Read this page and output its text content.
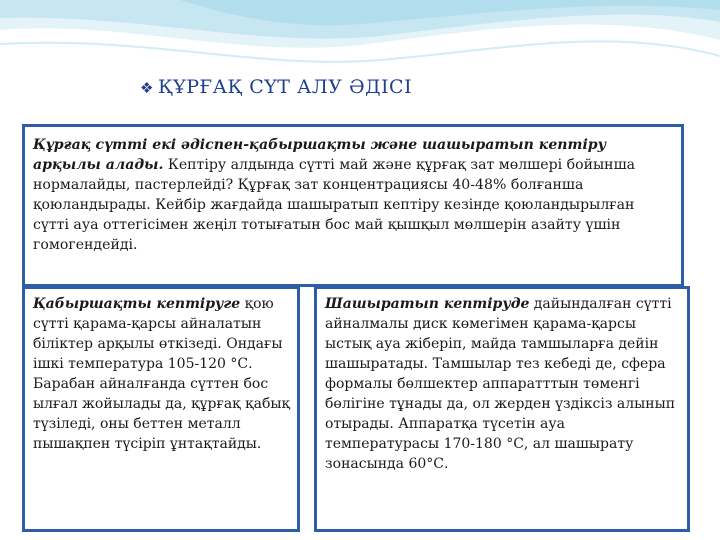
❖ ҚҰРҒАҚ СҮТ АЛУ ӘДІСІ
Құрғақ сүтті екі әдіспен-қабыршақты және шашыратып кептіру арқылы алады. Кептіру алдында сүтті май және құрғақ зат мөлшері бойынша нормалайды, пастерлейді? Құрғақ зат концентрациясы 40-48% болғанша қоюландырады. Кейбір жағдайда шашыратып кептіру кезінде қоюландырылған сүтті ауа оттегісімен жеңіл тотығатын бос май қышқыл мөлшерін азайту үшін гомогендейді.
Қабыршақты кептіруге қою сүтті қарама-қарсы айналатын біліктер арқылы өткізеді. Ондағы ішкі температура 105-120 °С. Барабан айналғанда сүттен бос ылғал жойылады да, құрғақ қабық түзіледі, оны беттен металл пышақпен түсіріп ұнтақтайды.
Шашыратып кептіруде дайындалған сүтті айналмалы диск көмегімен қарама-қарсы ыстық ауа жіберіп, майда тамшыларға дейін шашыратады. Тамшылар тез кебеді де, сфера формалы бөлшектер аппаратттын төменгі бөлігіне тұнады да, ол жерден үздіксіз алынып отырады. Аппаратқа түсетін ауа температурасы 170-180 °С, ал шашырату зонасында 60°С.
